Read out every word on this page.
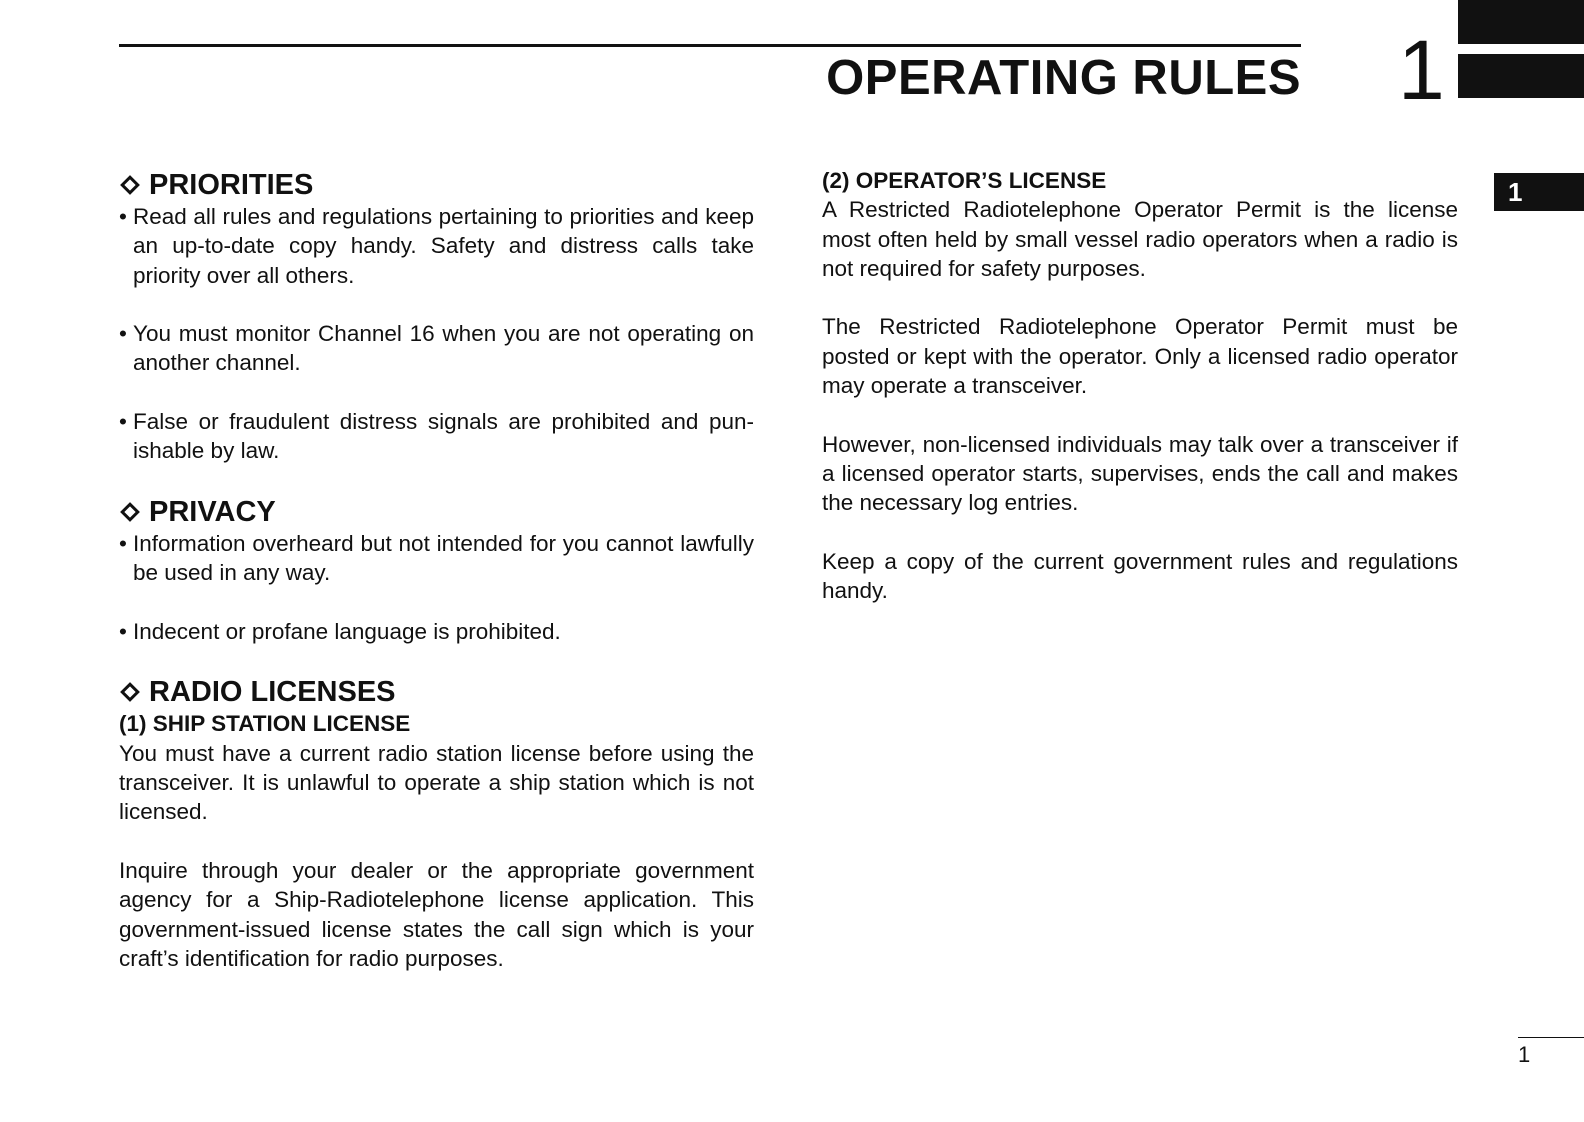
OPERATING RULES 1
1
PRIORITIES

• Read all rules and regulations pertaining to priorities and keep an up-to-date copy handy. Safety and distress calls take priority over all others.

• You must monitor Channel 16 when you are not operating on another channel.

• False or fraudulent distress signals are prohibited and punishable by law.

PRIVACY

• Information overheard but not intended for you cannot lawfully be used in any way.

• Indecent or profane language is prohibited.

RADIO LICENSES
(1) SHIP STATION LICENSE

You must have a current radio station license before using the transceiver. It is unlawful to operate a ship station which is not licensed.

Inquire through your dealer or the appropriate government agency for a Ship-Radiotelephone license application. This government-issued license states the call sign which is your craft’s identification for radio purposes.

(2) OPERATOR’S LICENSE

A Restricted Radiotelephone Operator Permit is the license most often held by small vessel radio operators when a radio is not required for safety purposes.

The Restricted Radiotelephone Operator Permit must be posted or kept with the operator. Only a licensed radio operator may operate a transceiver.

However, non-licensed individuals may talk over a transceiver if a licensed operator starts, supervises, ends the call and makes the necessary log entries.

Keep a copy of the current government rules and regulations handy.

1
